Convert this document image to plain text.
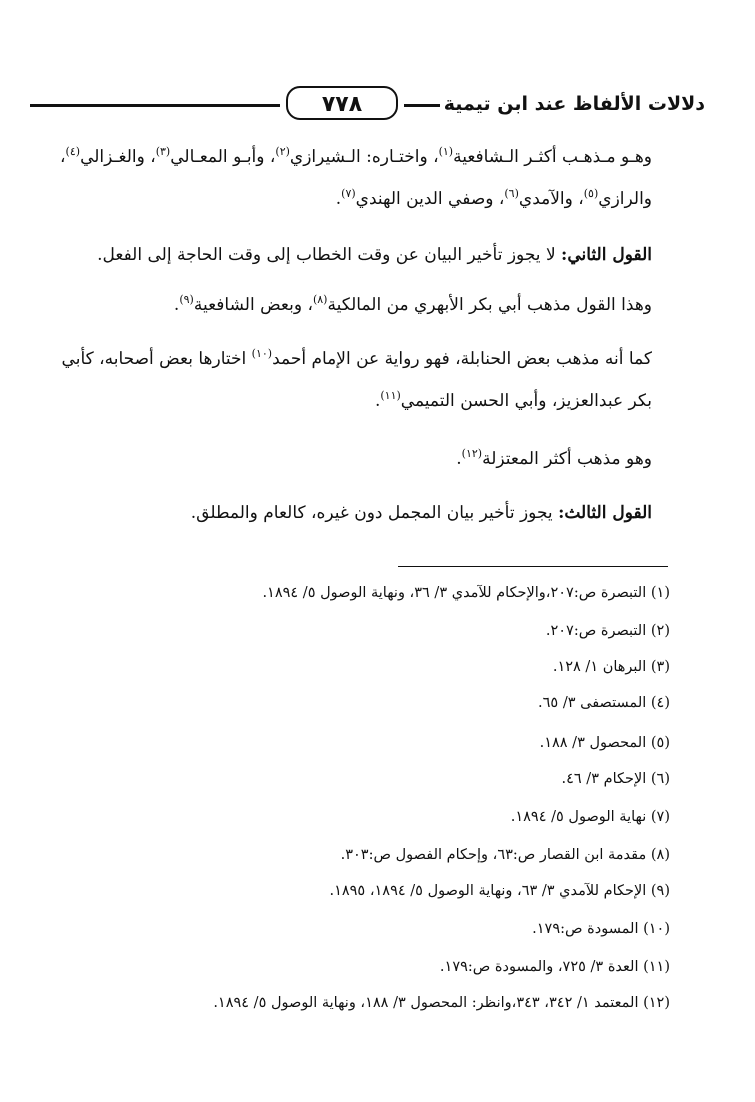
٧٧٨	دلالات الألفاظ عند ابن تيمية
وهـو مـذهـب أكثـر الـشافعية$^{(١)}$، واختـاره: الـشيرازي$^{(٢)}$، وأبـو المعـالي$^{(٣)}$، والغـزالي$^{(٤)}$،
والرازي$^{(٥)}$، والآمدي$^{(٦)}$، وصفي الدين الهندي$^{(٧)}$.
القول الثاني: لا يجوز تأخير البيان عن وقت الخطاب إلى وقت الحاجة إلى الفعل.
وهذا القول مذهب أبي بكر الأبهري من المالكية$^{(٨)}$، وبعض الشافعية$^{(٩)}$.
كما أنه مذهب بعض الحنابلة، فهو رواية عن الإمام أحمد$^{(١٠)}$ اختارها بعض أصحابه، كأبي
بكر عبدالعزيز، وأبي الحسن التميمي$^{(١١)}$.
وهو مذهب أكثر المعتزلة$^{(١٢)}$.
القول الثالث: يجوز تأخير بيان المجمل دون غيره، كالعام والمطلق.
(١) التبصرة ص:٢٠٧،والإحكام للآمدي ٣/ ٣٦، ونهاية الوصول ٥/ ١٨٩٤.
(٢) التبصرة ص:٢٠٧.
(٣) البرهان ١/ ١٢٨.
(٤) المستصفى ٣/ ٦٥.
(٥) المحصول ٣/ ١٨٨.
(٦) الإحكام ٣/ ٤٦.
(٧) نهاية الوصول ٥/ ١٨٩٤.
(٨) مقدمة ابن القصار ص:٦٣، وإحكام الفصول ص:٣٠٣.
(٩) الإحكام للآمدي ٣/ ٦٣، ونهاية الوصول ٥/ ١٨٩٤، ١٨٩٥.
(١٠) المسودة ص:١٧٩.
(١١) العدة ٣/ ٧٢٥، والمسودة ص:١٧٩.
(١٢) المعتمد ١/ ٣٤٢، ٣٤٣،وانظر: المحصول ٣/ ١٨٨، ونهاية الوصول ٥/ ١٨٩٤.
